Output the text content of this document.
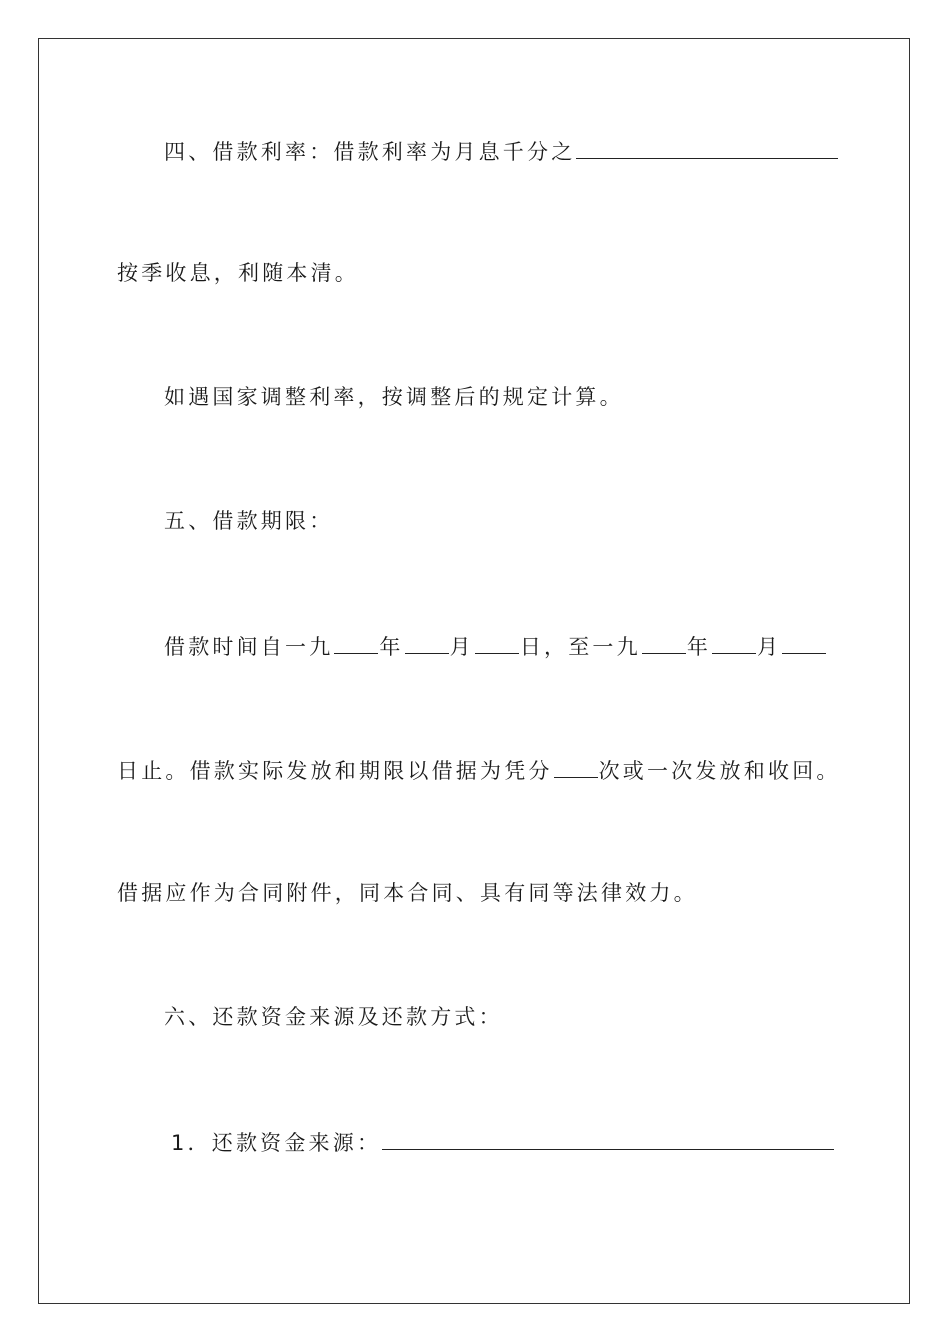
四、借款利率：借款利率为月息千分之
按季收息，利随本清。
如遇国家调整利率，按调整后的规定计算。
五、借款期限：
借款时间自一九 年 月 日，至一九 年 月
日止。借款实际发放和期限以借据为凭分 次或一次发放和收回。
借据应作为合同附件，同本合同、具有同等法律效力。
六、还款资金来源及还款方式：
1．还款资金来源：
